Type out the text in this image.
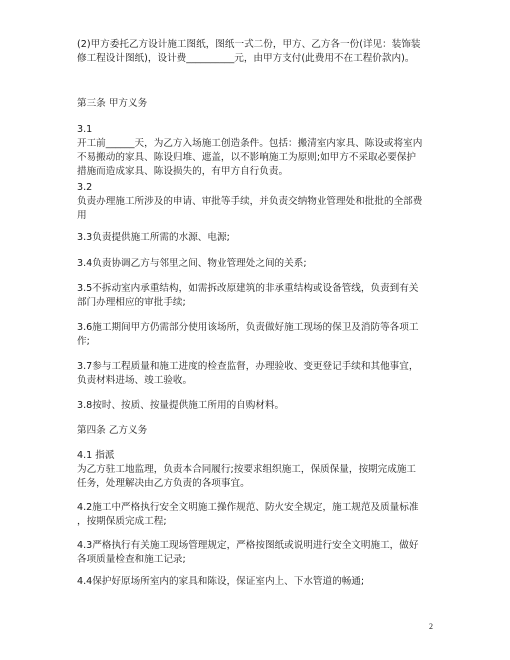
(2)甲方委托乙方设计施工图纸，图纸一式二份，甲方、乙方各一份(详见：装饰装
修工程设计图纸)，设计费__________元，由甲方支付(此费用不在工程价款内)。
第三条 甲方义务
3.1
开工前______天，为乙方入场施工创造条件。包括：搬清室内家具、陈设或将室内
不易搬动的家具、陈设归堆、遮盖，以不影响施工为原则;如甲方不采取必要保护
措施而造成家具、陈设损失的，有甲方自行负责。
3.2
负责办理施工所涉及的申请、审批等手续，并负责交纳物业管理处和批批的全部费
用
3.3负责提供施工所需的水源、电源;
3.4负责协调乙方与邻里之间、物业管理处之间的关系;
3.5不拆动室内承重结构，如需拆改原建筑的非承重结构或设备管线，负责到有关
部门办理相应的审批手续;
3.6施工期间甲方仍需部分使用该场所，负责做好施工现场的保卫及消防等各项工
作;
3.7参与工程质量和施工进度的检查监督，办理验收、变更登记手续和其他事宜，
负责材料进场、竣工验收。
3.8按时、按质、按量提供施工所用的自购材料。
第四条 乙方义务
4.1 指派
为乙方驻工地监理，负责本合同履行;按要求组织施工，保质保量，按期完成施工
任务，处理解决由乙方负责的各项事宜。
4.2施工中严格执行安全文明施工操作规范、防火安全规定，施工规范及质量标准
，按期保质完成工程;
4.3严格执行有关施工现场管理规定，严格按图纸或说明进行安全文明施工，做好
各项质量检查和施工记录;
4.4保护好原场所室内的家具和陈设，保证室内上、下水管道的畅通;
2
